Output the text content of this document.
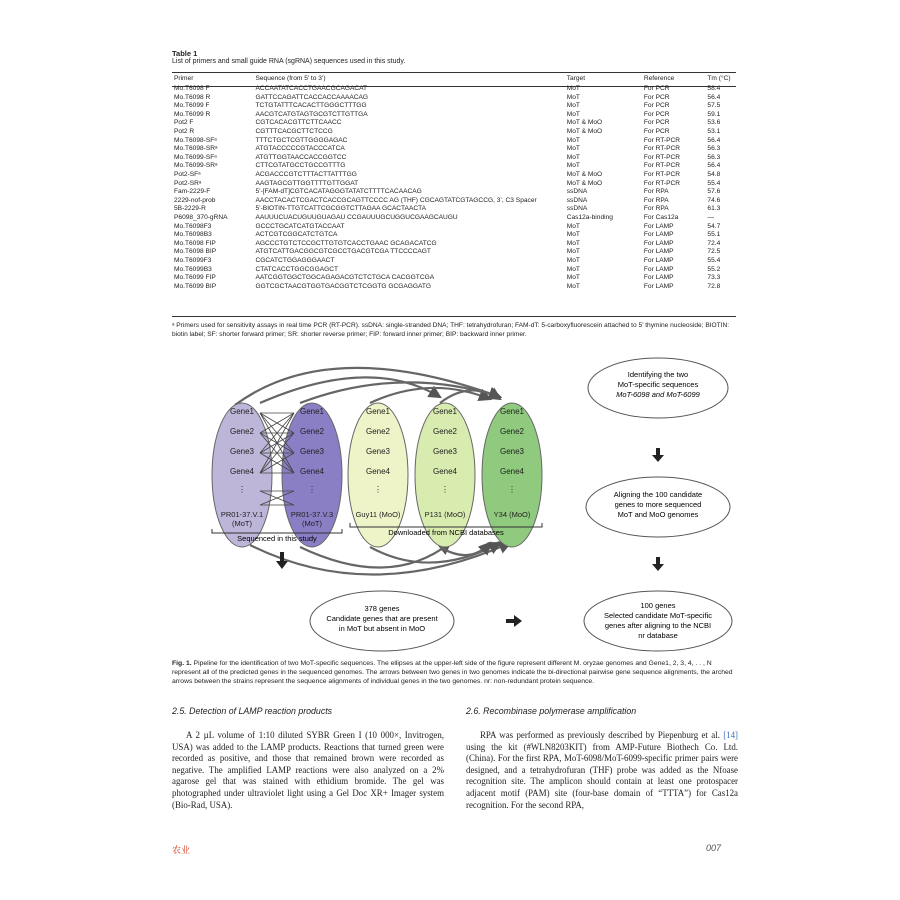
Table 1
List of primers and small guide RNA (sgRNA) sequences used in this study.
Primer	Sequence (from 5’ to 3’)	Target	Reference	Tm (°C)
Mo.T6098 F	ACCAATATCACCTGAACGCAGACAT	MoT	For PCR	58.4
Mo.T6098 R	GATTCCAGATTCACCACCAAAACAG	MoT	For PCR	56.4
Mo.T6099 F	TCTGTATTTCACACTTGGGCTTTGG	MoT	For PCR	57.5
Mo.T6099 R	AACGTCATGTAGTGCGTCTTGTTGA	MoT	For PCR	59.1
Pot2 F	CGTCACACGTTCTTCAACC	MoT & MoO	For PCR	53.6
Pot2 R	CGTTTCACGCTTCTCCG	MoT & MoO	For PCR	53.1
Mo.T6098-SFᵃ	TTTCTGCTCGTTGGGGAGAC	MoT	For RT-PCR	56.4
Mo.T6098-SRᵃ	ATGTACCCCCGTACCCATCA	MoT	For RT-PCR	56.3
Mo.T6099-SFᵃ	ATGTTGGTAACCACCGGTCC	MoT	For RT-PCR	56.3
Mo.T6099-SRᵃ	CTTCGTATGCCTGCCGTTTG	MoT	For RT-PCR	56.4
Pot2-SFᵃ	ACGACCCGTCTTTACTTATTTGG	MoT & MoO	For RT-PCR	54.8
Pot2-SRᵃ	AAGTAGCGTTGGTTTTGTTGGAT	MoT & MoO	For RT-PCR	55.4
Fam-2229-F	5’-[FAM-dT]CGTCACATAGGGTATATCTTTTCACAACAG	ssDNA	For RPA	57.6
2229-nof-prob	AACCTACACTCGACTCACCGCAGTTCCCC AG (THF) CGCAGTATCGTAGCCG, 3’, C3 Spacer	ssDNA	For RPA	74.6
5B-2229-R	5’-BIOTIN-TTGTCATTCGCGGTCTTAGAA GCACTAACTA	ssDNA	For RPA	61.3
P6098_370-gRNA	AAUUUCUACUGUUGUAGAU CCGAUUUGCUGGUCGAAGCAUGU	Cas12a-binding	For Cas12a	—
Mo.T6098F3	GCCCTGCATCATGTACCAAT	MoT	For LAMP	54.7
Mo.T6098B3	ACTCGTCGGCATCTGTCA	MoT	For LAMP	55.1
Mo.T6098 FIP	AGCCCTGTCTCCGCTTGTGTCACCTGAAC GCAGACATCG	MoT	For LAMP	72.4
Mo.T6098 BIP	ATGTCATTGACGGCGTCGCCTGACGTCGA TTCCCCAGT	MoT	For LAMP	72.5
Mo.T6099F3	CGCATCTGGAGGGAACT	MoT	For LAMP	55.4
Mo.T6099B3	CTATCACCTGGCGGAGCT	MoT	For LAMP	55.2
Mo.T6099 FIP	AATCGGTGGCTGGCAGAGACGTCTCTGCA CACGGTCGA	MoT	For LAMP	73.3
Mo.T6099 BIP	GGTCGCTAACGTGGTGACGGTCTCGGTG GCGAGGATG	MoT	For LAMP	72.8
ᵃ Primers used for sensitivity assays in real time PCR (RT-PCR). ssDNA: single-stranded DNA; THF: tetrahydrofuran; FAM-dT: 5-carboxyfluorescein attached to 5’ thymine nucleoside; BIOTIN: biotin label; SF: shorter forward primer; SR: shorter reverse primer; FIP: forward inner primer; BIP: backward inner primer.
Gene1
Gene2
Gene3
Gene4
⋮
Gene1
Gene2
Gene3
Gene4
⋮
Gene1
Gene2
Gene3
Gene4
⋮
Gene1
Gene2
Gene3
Gene4
⋮
Gene1
Gene2
Gene3
Gene4
⋮
PR01-37.V.1
(MoT)
PR01-37.V.3
(MoT)
Guy11 (MoO)	P131 (MoO)	Y34 (MoO)
Sequenced in this study
Downloaded from NCBI databases
Identifying the two
MoT-specific sequences
MoT-6098 and MoT-6099
Aligning the 100 candidate
genes to more sequenced
MoT and MoO genomes
100 genes
Selected candidate MoT-specific
genes after aligning to the NCBI
nr database
378 genes
Candidate genes that are present
in MoT but absent in MoO
Fig. 1. Pipeline for the identification of two MoT-specific sequences. The ellipses at the upper-left side of the figure represent different M. oryzae genomes and Gene1, 2, 3, 4, . . , N represent all of the predicted genes in the sequenced genomes. The arrows between two genes in two genomes indicate the bi-directional pairwise gene sequence alignments, the arched arrows between the strains represent the sequence alignments of individual genes in the two genomes. nr: non-redundant protein sequence.
2.5. Detection of LAMP reaction products	2.6. Recombinase polymerase amplification
A 2 µL volume of 1:10 diluted SYBR Green I (10 000×, Invitrogen, USA) was added to the LAMP products. Reactions that turned green were recorded as positive, and those that remained brown were recorded as negative. The amplified LAMP reactions were also analyzed on a 2% agarose gel that was stained with ethidium bromide. The gel was photographed under ultraviolet light using a Gel Doc XR+ Imager system (Bio-Rad, USA).
RPA was performed as previously described by Piepenburg et al. [14] using the kit (#WLN8203KIT) from AMP-Future Biothech Co. Ltd. (China). For the first RPA, MoT-6098/MoT-6099-specific primer pairs were designed, and a tetrahydrofuran (THF) probe was added as the Nfoase recognition site. The amplicon should contain at least one protospacer adjacent motif (PAM) site (four-base domain of “TTTA”) for Cas12a recognition. For the second RPA,
农业	007
